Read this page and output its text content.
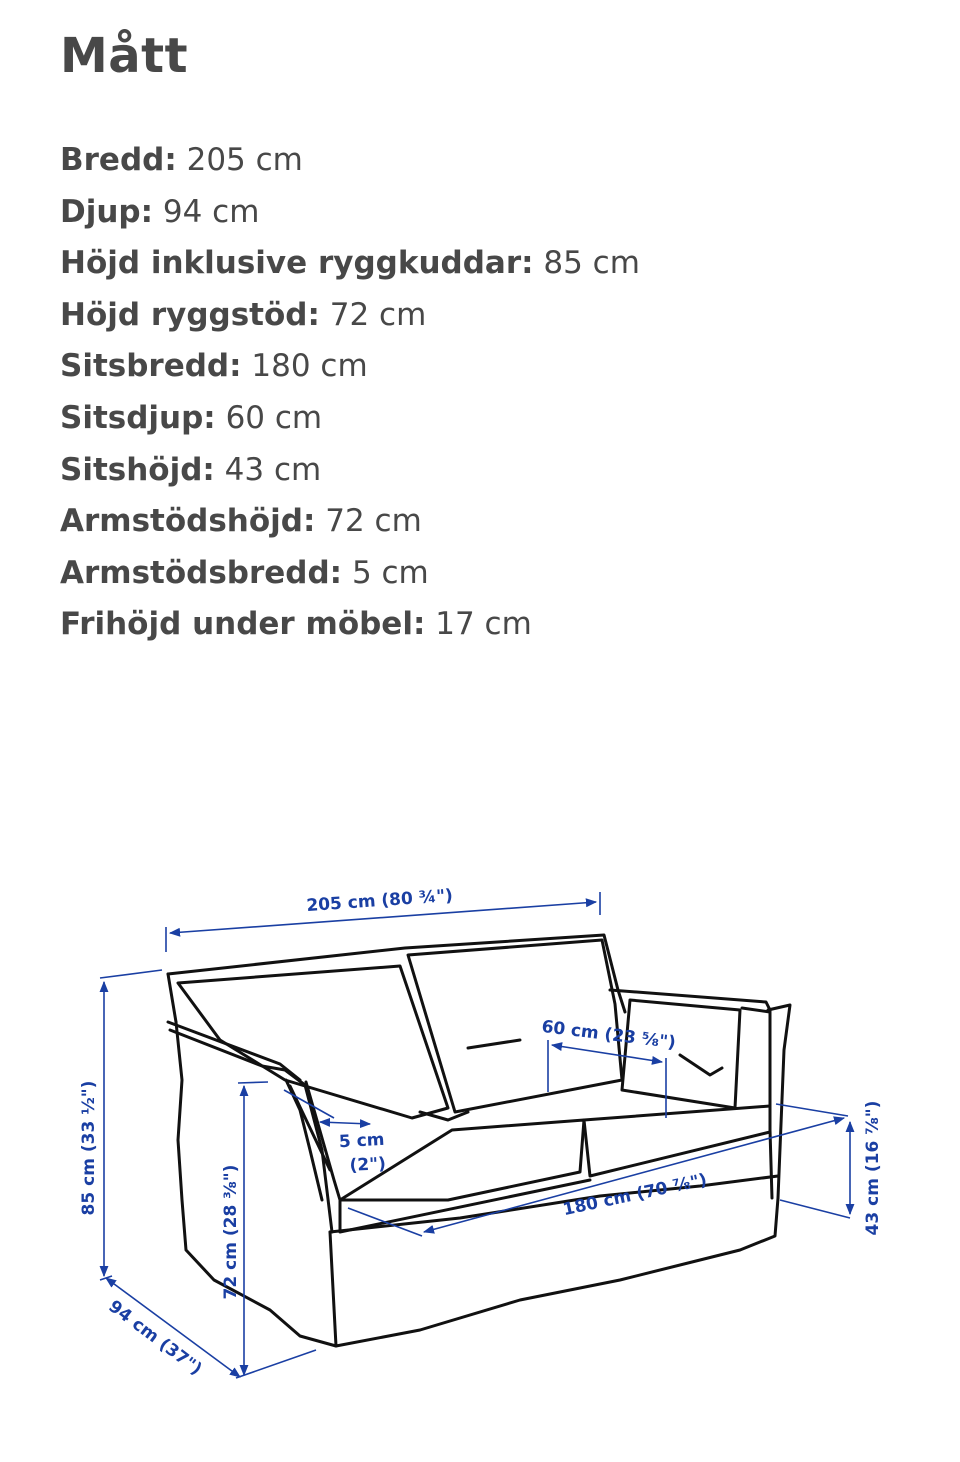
Mått
Bredd: 205 cm
Djup: 94 cm
Höjd inklusive ryggkuddar: 85 cm
Höjd ryggstöd: 72 cm
Sitsbredd: 180 cm
Sitsdjup: 60 cm
Sitshöjd: 43 cm
Armstödshöjd: 72 cm
Armstödsbredd: 5 cm
Frihöjd under möbel: 17 cm
205 cm (80 ¾")
85 cm (33 ½")
72 cm (28 ⅜")
94 cm (37")
60 cm (23 ⅝")
5 cm
(2")
180 cm (70 ⅞")	43 cm (16 ⅞")
